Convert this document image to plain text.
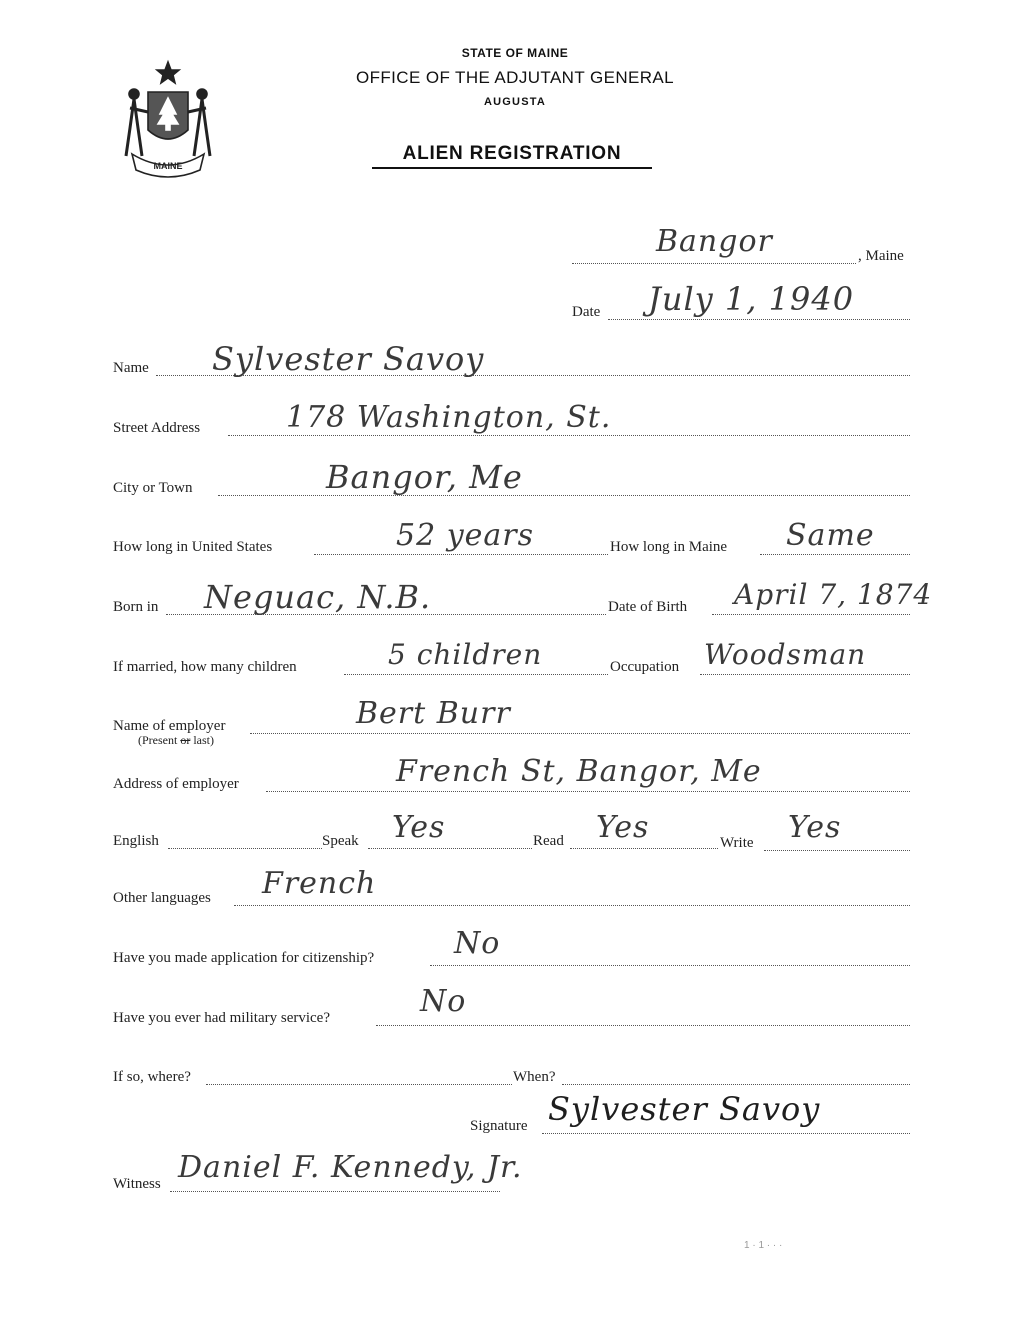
MAINE
STATE OF MAINE
OFFICE OF THE ADJUTANT GENERAL
AUGUSTA
ALIEN REGISTRATION
Bangor	, Maine
Date July 1, 1940
Name Sylvester Savoy
Street Address	178 Washington, St.
City or Town	Bangor, Me
How long in United States	52 years	How long in Maine Same
Born in Neguac, N.B.	Date of Birth April 7, 1874
If married, how many children	5 children	Occupation Woodsman
Name of employer
(Present or last)
Bert Burr
Address of employer	French St, Bangor, Me
English	Speak Yes	Read Yes	Write Yes
Other languages French
Have you made application for citizenship?	No
Have you ever had military service?	No
If so, where?	When?
Signature Sylvester Savoy
Witness Daniel F. Kennedy, Jr.
1 · 1 · · ·
